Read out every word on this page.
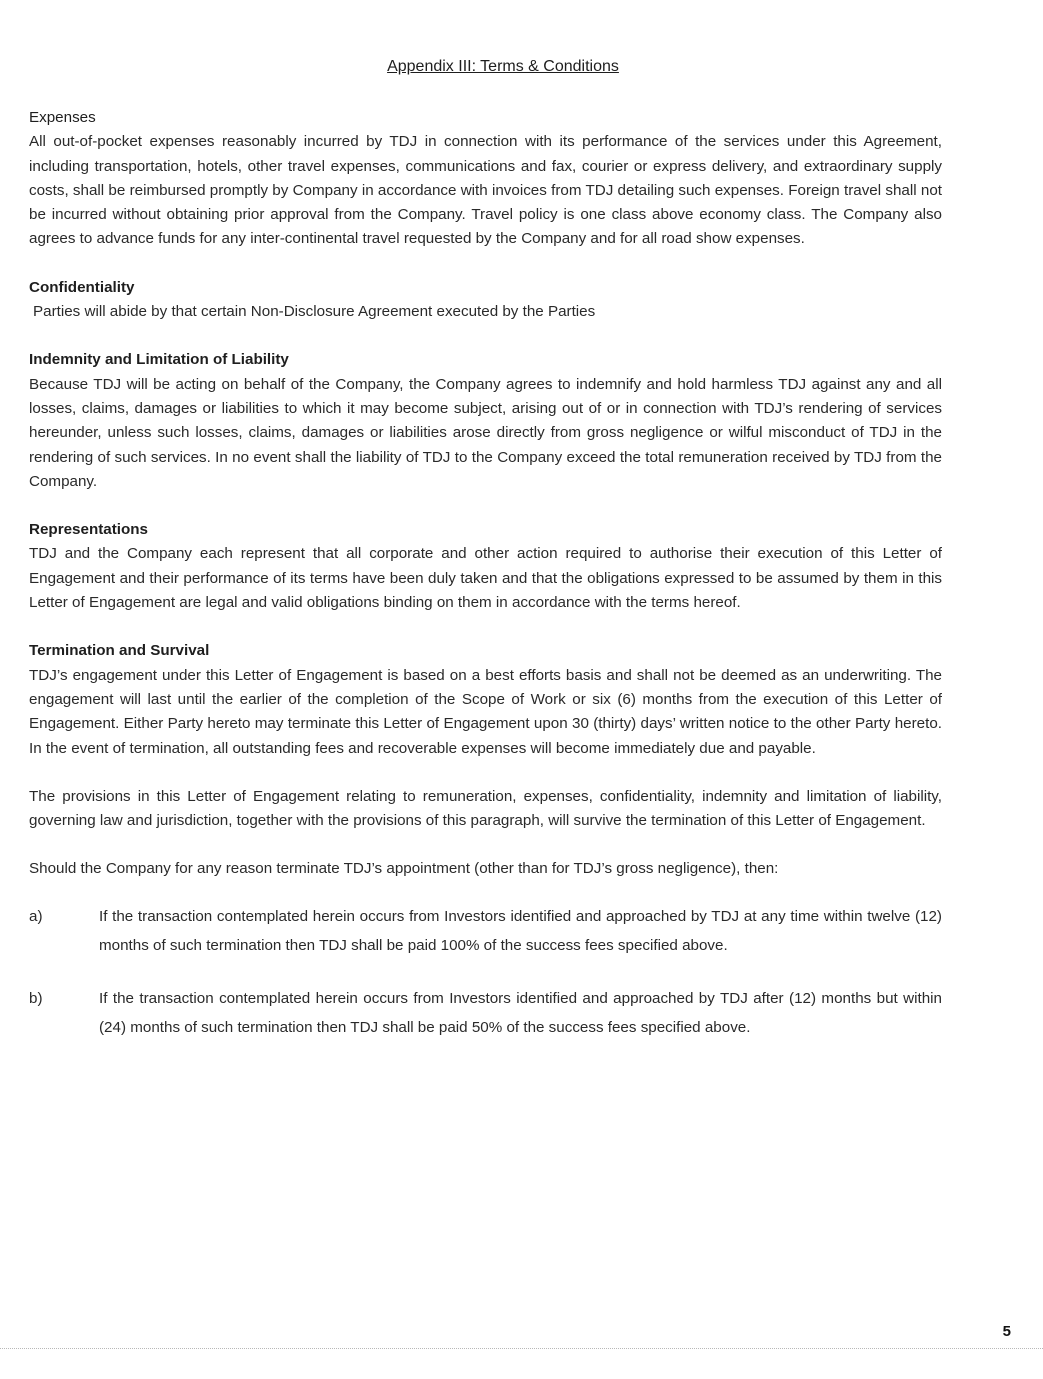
Appendix III: Terms & Conditions

Expenses

All out-of-pocket expenses reasonably incurred by TDJ in connection with its performance of the services under this Agreement, including transportation, hotels, other travel expenses, communications and fax, courier or express delivery, and extraordinary supply costs, shall be reimbursed promptly by Company in accordance with invoices from TDJ detailing such expenses. Foreign travel shall not be incurred without obtaining prior approval from the Company. Travel policy is one class above economy class. The Company also agrees to advance funds for any inter-continental travel requested by the Company and for all road show expenses.

Confidentiality

Parties will abide by that certain Non-Disclosure Agreement executed by the Parties

Indemnity and Limitation of Liability

Because TDJ will be acting on behalf of the Company, the Company agrees to indemnify and hold harmless TDJ against any and all losses, claims, damages or liabilities to which it may become subject, arising out of or in connection with TDJ’s rendering of services hereunder, unless such losses, claims, damages or liabilities arose directly from gross negligence or wilful misconduct of TDJ in the rendering of such services. In no event shall the liability of TDJ to the Company exceed the total remuneration received by TDJ from the Company.

Representations

TDJ and the Company each represent that all corporate and other action required to authorise their execution of this Letter of Engagement and their performance of its terms have been duly taken and that the obligations expressed to be assumed by them in this Letter of Engagement are legal and valid obligations binding on them in accordance with the terms hereof.

Termination and Survival

TDJ’s engagement under this Letter of Engagement is based on a best efforts basis and shall not be deemed as an underwriting. The engagement will last until the earlier of the completion of the Scope of Work or six (6) months from the execution of this Letter of Engagement. Either Party hereto may terminate this Letter of Engagement upon 30 (thirty) days’ written notice to the other Party hereto. In the event of termination, all outstanding fees and recoverable expenses will become immediately due and payable.

The provisions in this Letter of Engagement relating to remuneration, expenses, confidentiality, indemnity and limitation of liability, governing law and jurisdiction, together with the provisions of this paragraph, will survive the termination of this Letter of Engagement.

Should the Company for any reason terminate TDJ’s appointment (other than for TDJ’s gross negligence), then:

a)	If the transaction contemplated herein occurs from Investors identified and approached by TDJ at any time within twelve (12) months of such termination then TDJ shall be paid 100% of the success fees specified above.
b)	If the transaction contemplated herein occurs from Investors identified and approached by TDJ after (12) months but within (24) months of such termination then TDJ shall be paid 50% of the success fees specified above.
5
